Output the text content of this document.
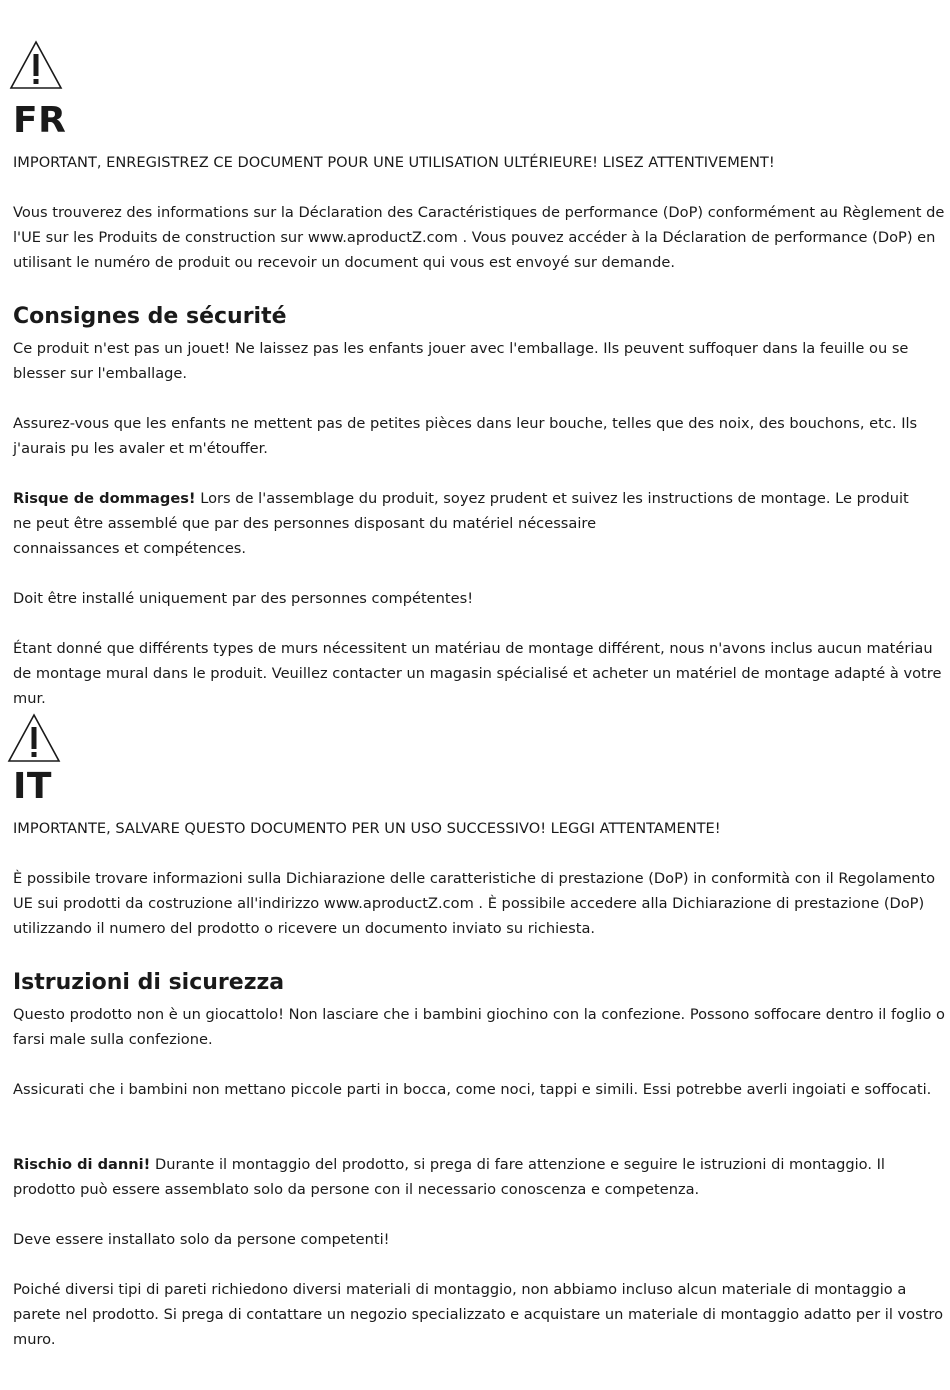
FR

IMPORTANT, ENREGISTREZ CE DOCUMENT POUR UNE UTILISATION ULTÉRIEURE! LISEZ ATTENTIVEMENT!

Vous trouverez des informations sur la Déclaration des Caractéristiques de performance (DoP) conformément au Règlement de l'UE sur les Produits de construction sur www.aproductZ.com . Vous pouvez accéder à la Déclaration de performance (DoP) en utilisant le numéro de produit ou recevoir un document qui vous est envoyé sur demande.

Consignes de sécurité

Ce produit n'est pas un jouet! Ne laissez pas les enfants jouer avec l'emballage. Ils peuvent suffoquer dans la feuille ou se blesser sur l'emballage.

Assurez-vous que les enfants ne mettent pas de petites pièces dans leur bouche, telles que des noix, des bouchons, etc. Ils j'aurais pu les avaler et m'étouffer.

Risque de dommages! Lors de l'assemblage du produit, soyez prudent et suivez les instructions de montage. Le produit ne peut être assemblé que par des personnes disposant du matériel nécessaire

connaissances et compétences.

Doit être installé uniquement par des personnes compétentes!

Étant donné que différents types de murs nécessitent un matériau de montage différent, nous n'avons inclus aucun matériau de montage mural dans le produit. Veuillez contacter un magasin spécialisé et acheter un matériel de montage adapté à votre mur.

IT

IMPORTANTE, SALVARE QUESTO DOCUMENTO PER UN USO SUCCESSIVO! LEGGI ATTENTAMENTE!

È possibile trovare informazioni sulla Dichiarazione delle caratteristiche di prestazione (DoP) in conformità con il Regolamento UE sui prodotti da costruzione all'indirizzo www.aproductZ.com . È possibile accedere alla Dichiarazione di prestazione (DoP) utilizzando il numero del prodotto o ricevere un documento inviato su richiesta.

Istruzioni di sicurezza

Questo prodotto non è un giocattolo! Non lasciare che i bambini giochino con la confezione. Possono soffocare dentro il foglio o farsi male sulla confezione.

Assicurati che i bambini non mettano piccole parti in bocca, come noci, tappi e simili. Essi potrebbe averli ingoiati e soffocati.

Rischio di danni! Durante il montaggio del prodotto, si prega di fare attenzione e seguire le istruzioni di montaggio. Il prodotto può essere assemblato solo da persone con il necessario conoscenza e competenza.

Deve essere installato solo da persone competenti!

Poiché diversi tipi di pareti richiedono diversi materiali di montaggio, non abbiamo incluso alcun materiale di montaggio a parete nel prodotto. Si prega di contattare un negozio specializzato e acquistare un materiale di montaggio adatto per il vostro muro.
